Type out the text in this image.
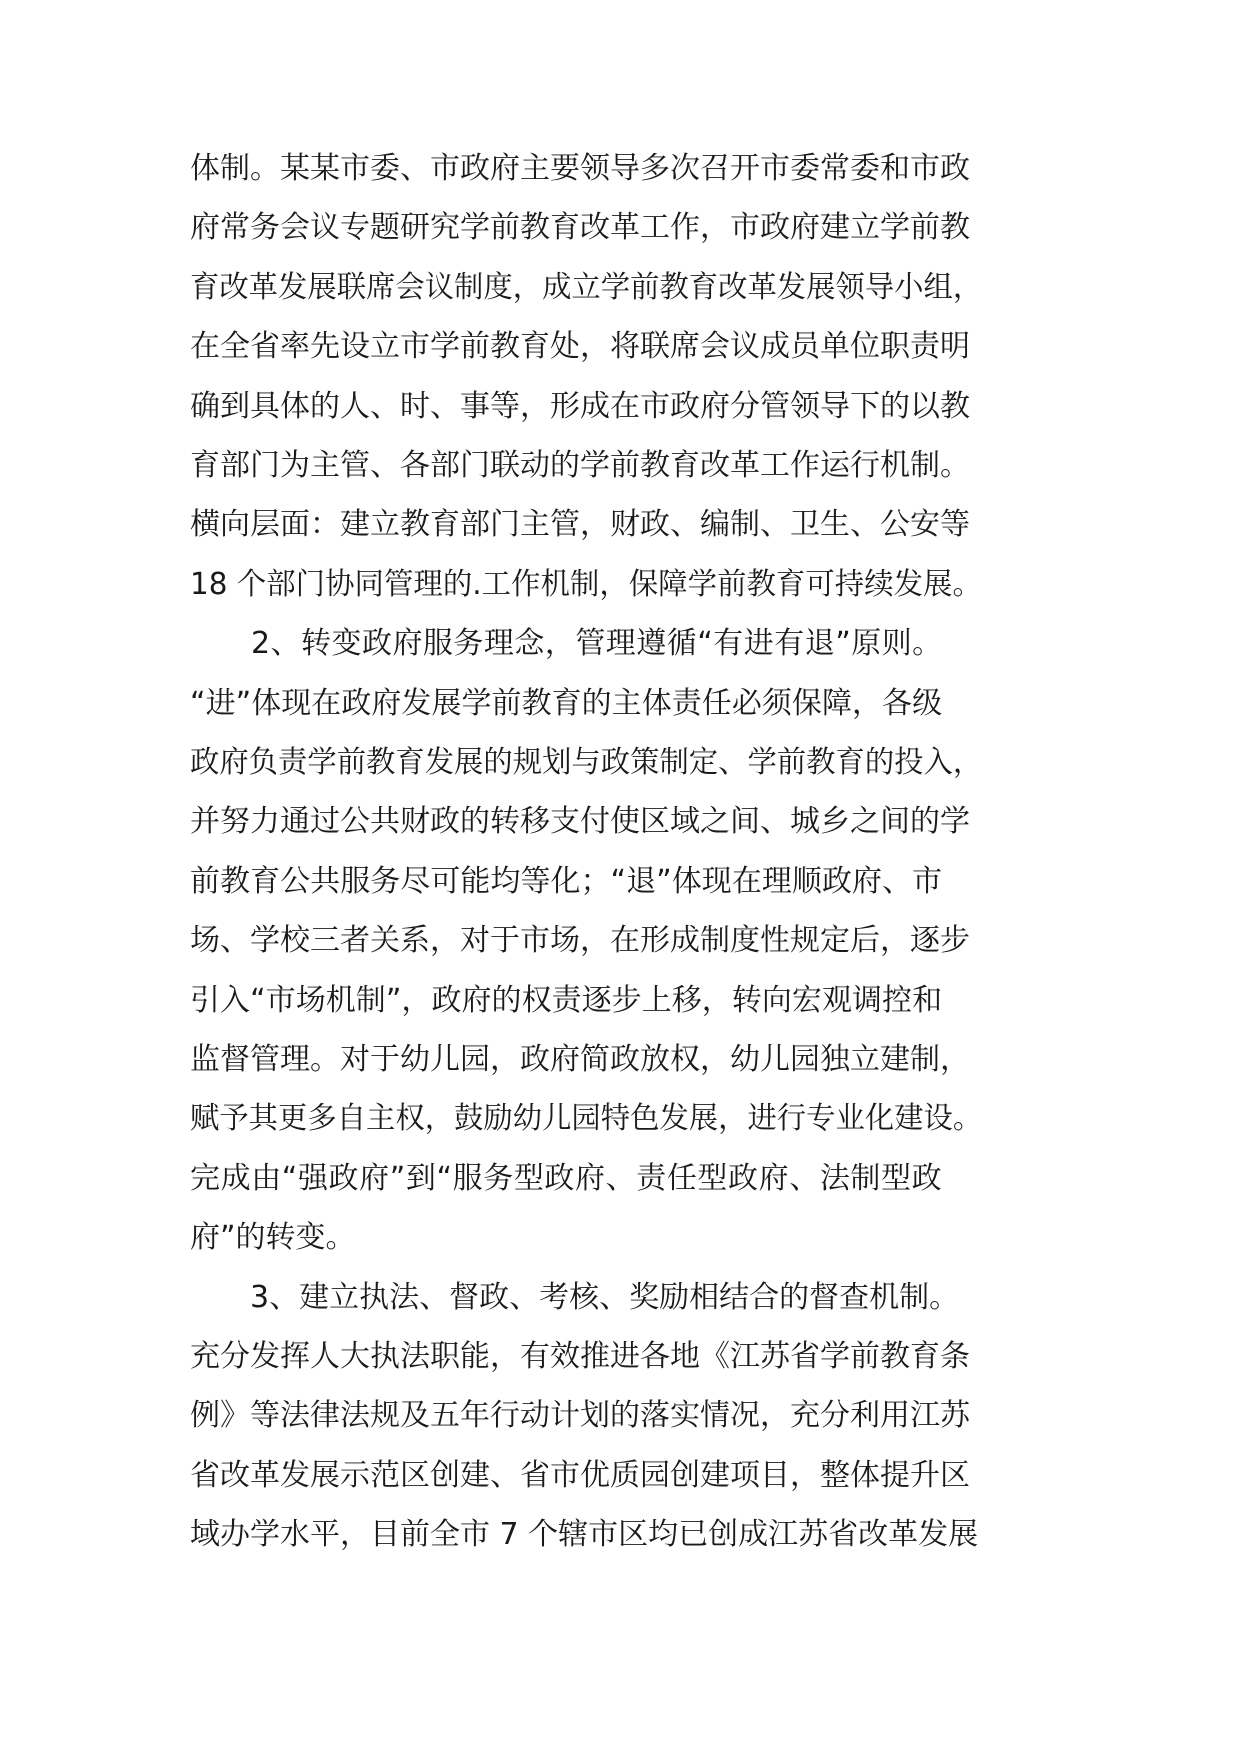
体制。某某市委、市政府主要领导多次召开市委常委和市政
府常务会议专题研究学前教育改革工作，市政府建立学前教
育改革发展联席会议制度，成立学前教育改革发展领导小组，
在全省率先设立市学前教育处，将联席会议成员单位职责明
确到具体的人、时、事等，形成在市政府分管领导下的以教
育部门为主管、各部门联动的学前教育改革工作运行机制。
横向层面：建立教育部门主管，财政、编制、卫生、公安等
18 个部门协同管理的.工作机制，保障学前教育可持续发展。
　　2、转变政府服务理念，管理遵循“有进有退”原则。
“进”体现在政府发展学前教育的主体责任必须保障，各级
政府负责学前教育发展的规划与政策制定、学前教育的投入，
并努力通过公共财政的转移支付使区域之间、城乡之间的学
前教育公共服务尽可能均等化；“退”体现在理顺政府、市
场、学校三者关系，对于市场，在形成制度性规定后，逐步
引入“市场机制”，政府的权责逐步上移，转向宏观调控和
监督管理。对于幼儿园，政府简政放权，幼儿园独立建制，
赋予其更多自主权，鼓励幼儿园特色发展，进行专业化建设。
完成由“强政府”到“服务型政府、责任型政府、法制型政
府”的转变。
　　3、建立执法、督政、考核、奖励相结合的督查机制。
充分发挥人大执法职能，有效推进各地《江苏省学前教育条
例》等法律法规及五年行动计划的落实情况，充分利用江苏
省改革发展示范区创建、省市优质园创建项目，整体提升区
域办学水平，目前全市 7 个辖市区均已创成江苏省改革发展
